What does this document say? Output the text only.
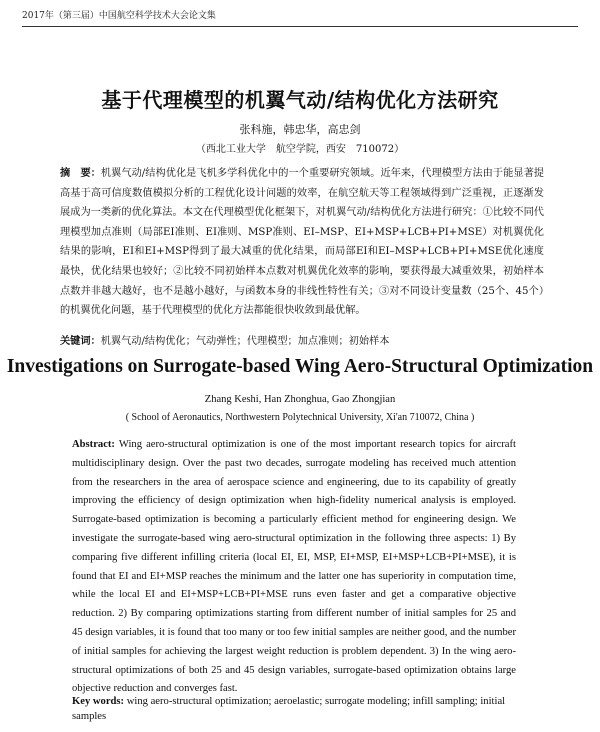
2017年（第三届）中国航空科学技术大会论文集
基于代理模型的机翼气动/结构优化方法研究
张科施，韩忠华，高忠剑
（西北工业大学　航空学院，西安　710072）
摘　要：机翼气动/结构优化是飞机多学科优化中的一个重要研究领域。近年来，代理模型方法由于能显著提高基于高可信度数值模拟分析的工程优化设计问题的效率，在航空航天等工程领域得到广泛重视，正逐渐发展成为一类新的优化算法。本文在代理模型优化框架下，对机翼气动/结构优化方法进行研究：①比较不同代理模型加点准则（局部EI准则、EI准则、MSP准则、EI–MSP、EI+MSP+LCB+PI+MSE）对机翼优化结果的影响，EI和EI+MSP得到了最大减重的优化结果，而局部EI和EI–MSP+LCB+PI+MSE优化速度最快，优化结果也较好；②比较不同初始样本点数对机翼优化效率的影响，要获得最大减重效果，初始样本点数并非越大越好，也不是越小越好，与函数本身的非线性特性有关；③对不同设计变量数（25个、45个）的机翼优化问题，基于代理模型的优化方法都能很快收敛到最优解。
关键词：机翼气动/结构优化；气动弹性；代理模型；加点准则；初始样本
Investigations on Surrogate-based Wing Aero-Structural Optimization
Zhang Keshi, Han Zhonghua, Gao Zhongjian
( School of Aeronautics, Northwestern Polytechnical University, Xi'an 710072, China )
Abstract: Wing aero-structural optimization is one of the most important research topics for aircraft multidisciplinary design. Over the past two decades, surrogate modeling has received much attention from the researchers in the area of aerospace science and engineering, due to its capability of greatly improving the efficiency of design optimization when high-fidelity numerical analysis is employed. Surrogate-based optimization is becoming a particularly efficient method for engineering design. We investigate the surrogate-based wing aero-structural optimization in the following three aspects: 1) By comparing five different infilling criteria (local EI, EI, MSP, EI+MSP, EI+MSP+LCB+PI+MSE), it is found that EI and EI+MSP reaches the minimum and the latter one has superiority in computation time, while the local EI and EI+MSP+LCB+PI+MSE runs even faster and get a comparative objective reduction. 2) By comparing optimizations starting from different number of initial samples for 25 and 45 design variables, it is found that too many or too few initial samples are neither good, and the number of initial samples for achieving the largest weight reduction is problem dependent. 3) In the wing aero-structural optimizations of both 25 and 45 design variables, surrogate-based optimization obtains large objective reduction and converges fast.
Key words: wing aero-structural optimization; aeroelastic; surrogate modeling; infill sampling; initial samples
